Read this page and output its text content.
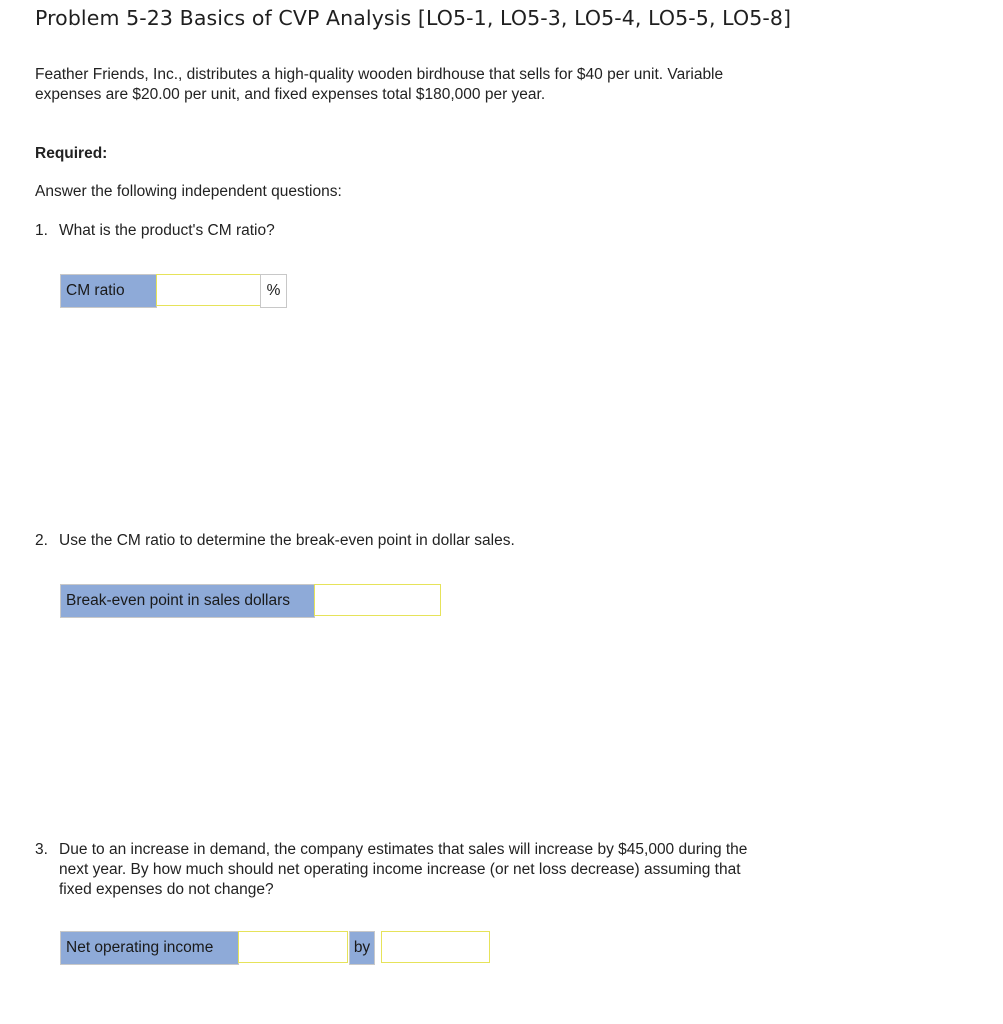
Problem 5-23 Basics of CVP Analysis [LO5-1, LO5-3, LO5-4, LO5-5, LO5-8]
Feather Friends, Inc., distributes a high-quality wooden birdhouse that sells for $40 per unit. Variable
expenses are $20.00 per unit, and fixed expenses total $180,000 per year.
Required:
Answer the following independent questions:
1. What is the product's CM ratio?
CM ratio	%
2. Use the CM ratio to determine the break-even point in dollar sales.
Break-even point in sales dollars
3. Due to an increase in demand, the company estimates that sales will increase by $45,000 during the
next year. By how much should net operating income increase (or net loss decrease) assuming that
fixed expenses do not change?
Net operating income	by
